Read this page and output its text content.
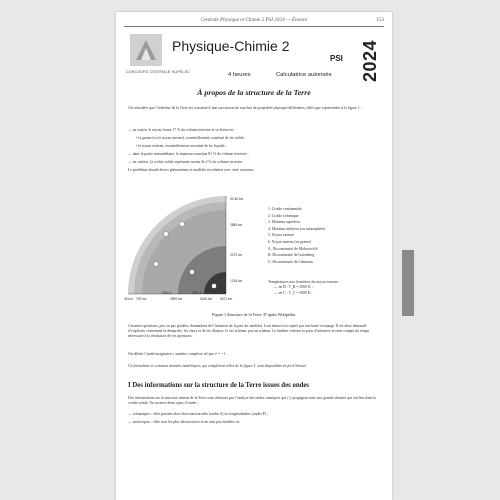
Centrale Physique et Chimie 2 PSI 2024 — Énoncé	153
CONCOURS CENTRALE·SUPÉLEC
Physique-Chimie 2
PSI 2024
4 heures	Calculatrice autorisée
À propos de la structure de la Terre

On considère que l’intérieur de la Terre est constitué d’une succession de couches de propriétés physique différentes, telles que représentées à la figure 1 :

— au centre, le noyau forme 17 % du volume terrestre et se divise en :
• la graine (ou le noyau interne), essentiellement constitué de fer solide,
• le noyau externe, essentiellement constitué de fer liquide ;
— dans la partie intermédiaire, le manteau constitue 81 % du volume terrestre ;
— en surface, la croûte solide représente moins de 2 % du volume terrestre.
Le problème aborde divers phénomènes et modèles en relation avec cette structure.
30-60 km
2885 km
2270 km
1216 km
35 km 700 km	2890 km	5150 km 6371 km
5000 K	3000 K
1. Croûte continentale
2. Croûte océanique
3. Manteau supérieur
4. Manteau inférieur (ou mésosphère)
5. Noyau externe
6. Noyau interne (ou graine)
A. Discontinuité de Mohorovičić
B. Discontinuité de Gutenberg
C. Discontinuité de Lehmann
Températures aux frontières du noyau externe :
— en B : T_B = 2900 K ;
— en C : T_C = 5000 K.
Figure 1 Structure de la Terre. D’après Wikipédia.

Certaines questions, peu ou pas guidées, demandent de l’initiative de la part du candidat. Leur énoncé est repéré par une barre en marge. Il est alors demandé d’expliciter clairement la démarche, les choix et de les illustrer, le cas échéant, par un schéma. Le barème valorise la prise d’initiative et tient compte du temps nécessaire à la résolution de ces questions.

On définit l’unité imaginaire i, nombre complexe tel que i² = −1.

Un formulaire et certaines données numériques, qui complètent celles de la figure 1, sont disponibles en fin d’énoncé.

I Des informations sur la structure de la Terre issues des ondes

Des informations sur la structure interne de la Terre sont obtenues par l’analyse des ondes sismiques qui s’y propagent suite aux grands séismes qui ont lieu dans la croûte solide. On recense deux types d’ondes :

— volumiques : elles passent alors être transversales (ondes S) ou longitudinales (ondes P) ;

— surfaciques : elles sont les plus destructrices et ne sont pas étudiées ici.
